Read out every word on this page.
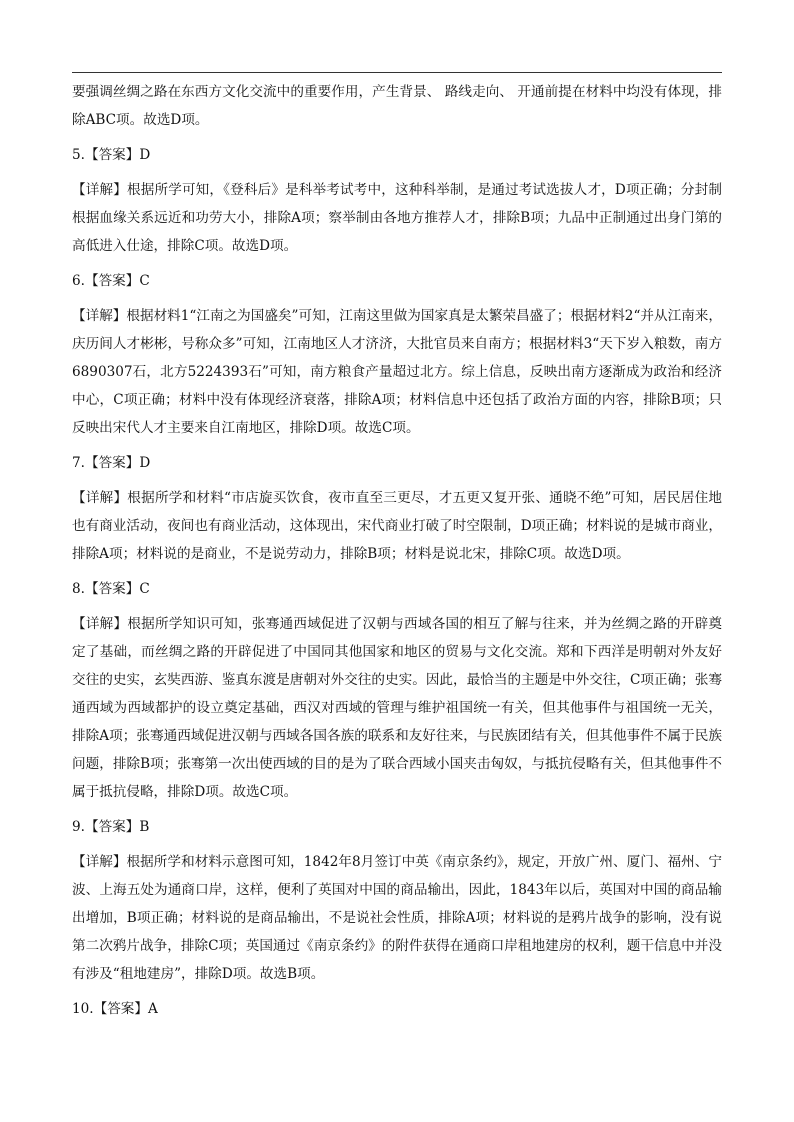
要强调丝绸之路在东西方文化交流中的重要作用，产生背景、 路线走向、 开通前提在材料中均没有体现，排除ABC项。故选D项。

5.【答案】D

【详解】根据所学可知，《登科后》是科举考试考中，这种科举制，是通过考试选拔人才，D项正确；分封制根据血缘关系远近和功劳大小，排除A项；察举制由各地方推荐人才，排除B项；九品中正制通过出身门第的高低进入仕途，排除C项。故选D项。

6.【答案】C

【详解】根据材料1“江南之为国盛矣”可知，江南这里做为国家真是太繁荣昌盛了；根据材料2“并从江南来，庆历间人才彬彬，号称众多”可知，江南地区人才济济，大批官员来自南方；根据材料3“天下岁入粮数，南方6890307石，北方5224393石”可知，南方粮食产量超过北方。综上信息，反映出南方逐渐成为政治和经济中心，C项正确；材料中没有体现经济衰落，排除A项；材料信息中还包括了政治方面的内容，排除B项；只反映出宋代人才主要来自江南地区，排除D项。故选C项。

7.【答案】D

【详解】根据所学和材料“市店旋买饮食，夜市直至三更尽，才五更又复开张、通晓不绝”可知，居民居住地也有商业活动，夜间也有商业活动，这体现出，宋代商业打破了时空限制，D项正确；材料说的是城市商业，排除A项；材料说的是商业，不是说劳动力，排除B项；材料是说北宋，排除C项。故选D项。

8.【答案】C

【详解】根据所学知识可知，张骞通西域促进了汉朝与西域各国的相互了解与往来，并为丝绸之路的开辟奠定了基础，而丝绸之路的开辟促进了中国同其他国家和地区的贸易与文化交流。郑和下西洋是明朝对外友好交往的史实，玄奘西游、鉴真东渡是唐朝对外交往的史实。因此，最恰当的主题是中外交往，C项正确；张骞通西域为西域都护的设立奠定基础，西汉对西域的管理与维护祖国统一有关，但其他事件与祖国统一无关，排除A项；张骞通西域促进汉朝与西域各国各族的联系和友好往来，与民族团结有关，但其他事件不属于民族问题，排除B项；张骞第一次出使西域的目的是为了联合西域小国夹击匈奴，与抵抗侵略有关，但其他事件不属于抵抗侵略，排除D项。故选C项。

9.【答案】B

【详解】根据所学和材料示意图可知，1842年8月签订中英《南京条约》，规定，开放广州、厦门、福州、宁波、上海五处为通商口岸，这样，便利了英国对中国的商品输出，因此，1843年以后，英国对中国的商品输出增加，B项正确；材料说的是商品输出，不是说社会性质，排除A项；材料说的是鸦片战争的影响，没有说第二次鸦片战争，排除C项；英国通过《南京条约》的附件获得在通商口岸租地建房的权利，题干信息中并没有涉及“租地建房”，排除D项。故选B项。

10.【答案】A
